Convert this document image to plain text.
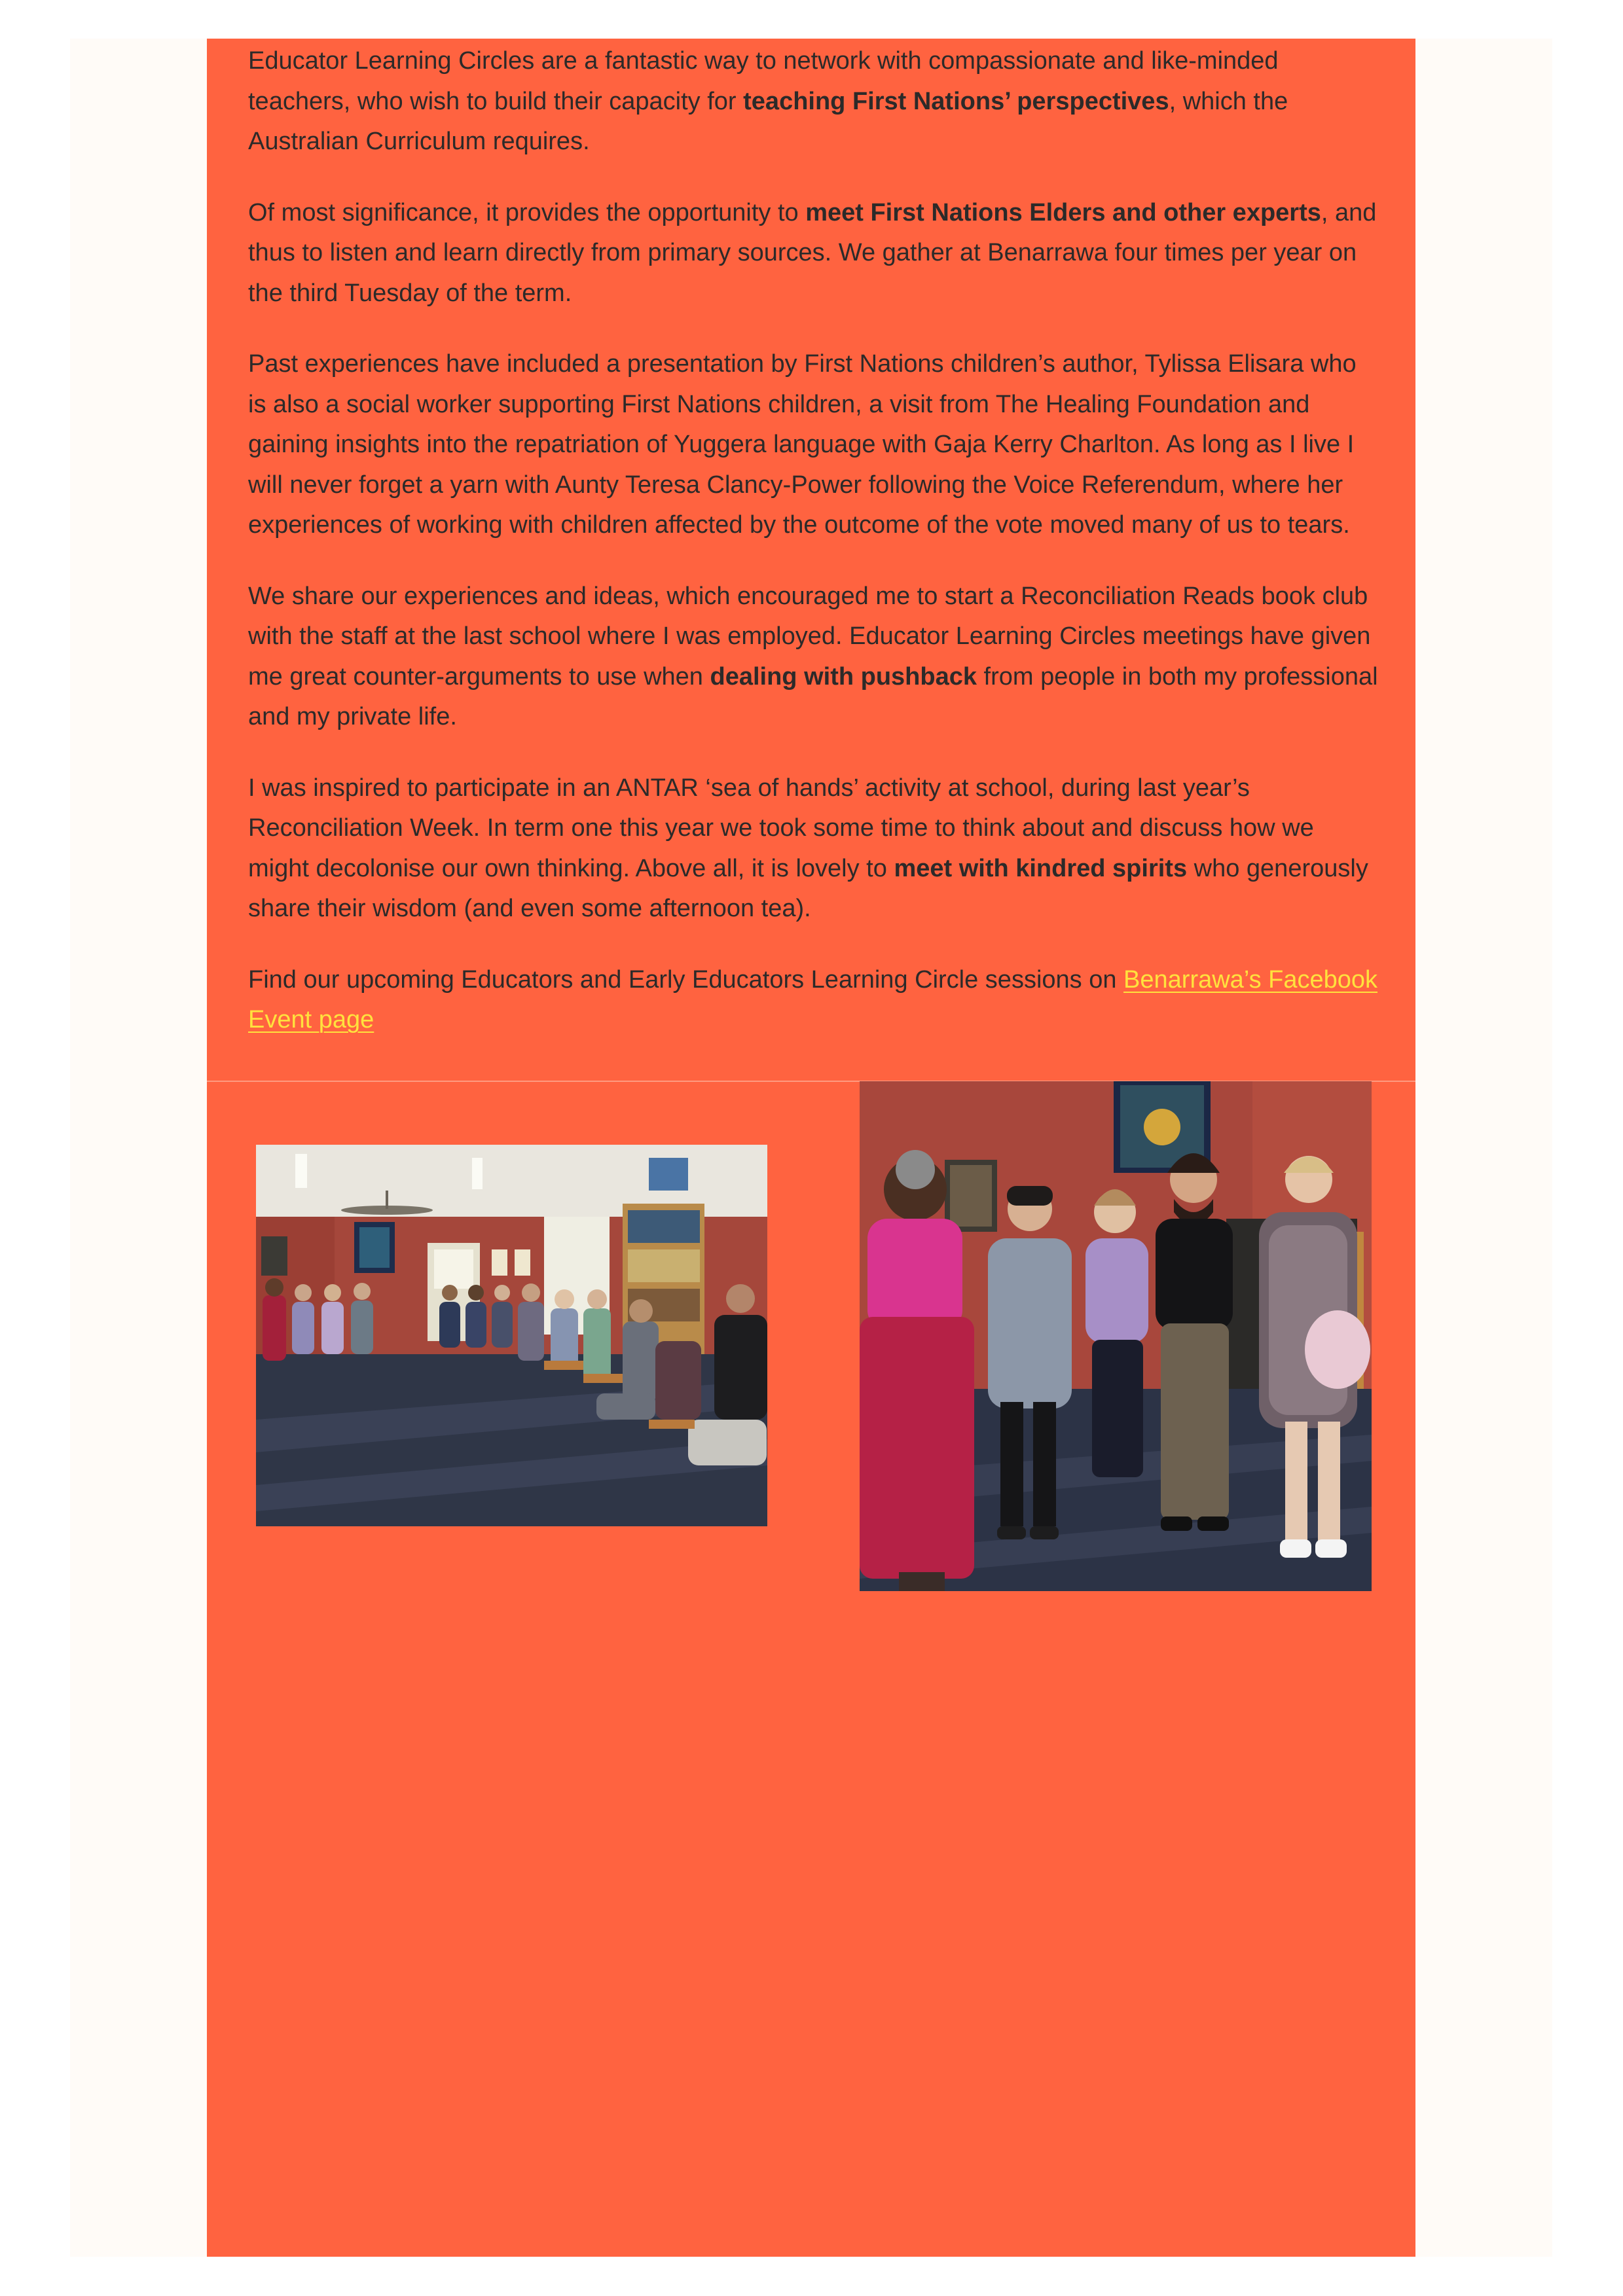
Educator Learning Circles are a fantastic way to network with compassionate and like-minded teachers, who wish to build their capacity for teaching First Nations’ perspectives, which the Australian Curriculum requires.

Of most significance, it provides the opportunity to meet First Nations Elders and other experts, and thus to listen and learn directly from primary sources. We gather at Benarrawa four times per year on the third Tuesday of the term.

Past experiences have included a presentation by First Nations children’s author, Tylissa Elisara who is also a social worker supporting First Nations children, a visit from The Healing Foundation and gaining insights into the repatriation of Yuggera language with Gaja Kerry Charlton. As long as I live I will never forget a yarn with Aunty Teresa Clancy-Power following the Voice Referendum, where her experiences of working with children affected by the outcome of the vote moved many of us to tears.

We share our experiences and ideas, which encouraged me to start a Reconciliation Reads book club with the staff at the last school where I was employed. Educator Learning Circles meetings have given me great counter-arguments to use when dealing with pushback from people in both my professional and my private life.

I was inspired to participate in an ANTAR ‘sea of hands’ activity at school, during last year’s Reconciliation Week. In term one this year we took some time to think about and discuss how we might decolonise our own thinking. Above all, it is lovely to meet with kindred spirits who generously share their wisdom (and even some afternoon tea).

Find our upcoming Educators and Early Educators Learning Circle sessions on Benarrawa’s Facebook Event page
